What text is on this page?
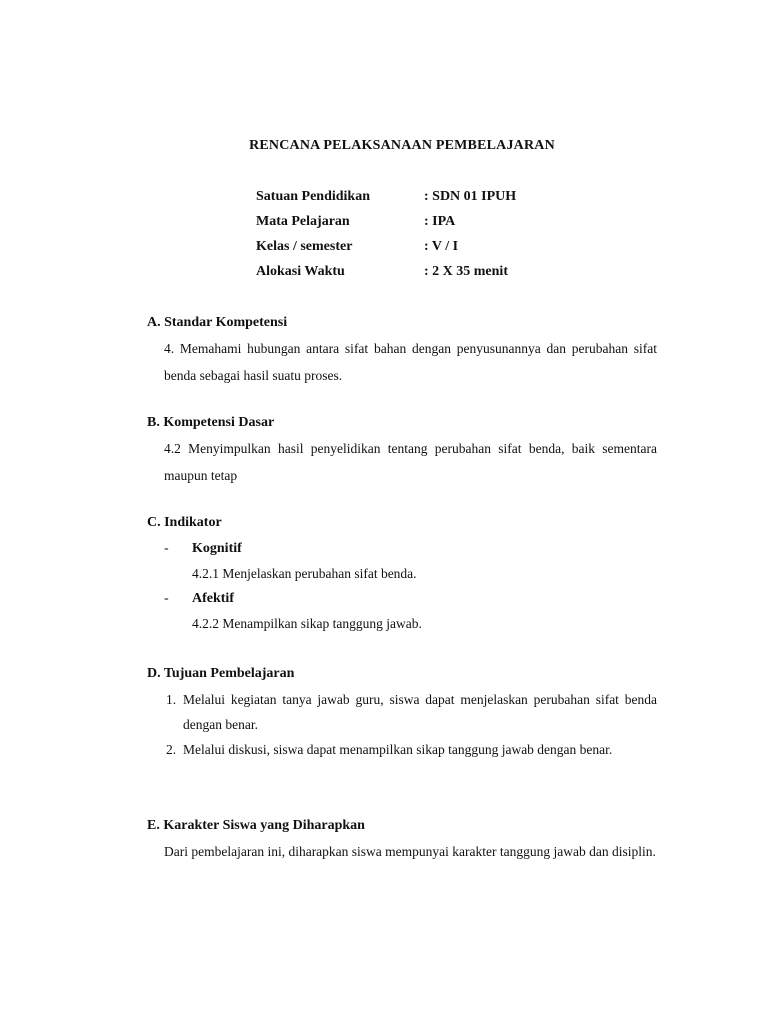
RENCANA PELAKSANAAN PEMBELAJARAN
Satuan Pendidikan	: SDN 01 IPUH
Mata Pelajaran	: IPA
Kelas / semester	: V / I
Alokasi Waktu	: 2 X 35 menit
A. Standar Kompetensi
4. Memahami hubungan antara sifat bahan dengan penyusunannya dan perubahan sifat benda sebagai hasil suatu proses.
B. Kompetensi Dasar
4.2 Menyimpulkan hasil penyelidikan tentang perubahan sifat benda, baik sementara maupun tetap
C. Indikator
- Kognitif
4.2.1 Menjelaskan perubahan sifat benda.
- Afektif
4.2.2 Menampilkan sikap tanggung jawab.
D. Tujuan Pembelajaran
1. Melalui kegiatan tanya jawab guru, siswa dapat menjelaskan perubahan sifat benda dengan benar.
2. Melalui diskusi, siswa dapat menampilkan sikap tanggung jawab dengan benar.
E. Karakter Siswa yang Diharapkan
Dari pembelajaran ini, diharapkan siswa mempunyai karakter tanggung jawab dan disiplin.
